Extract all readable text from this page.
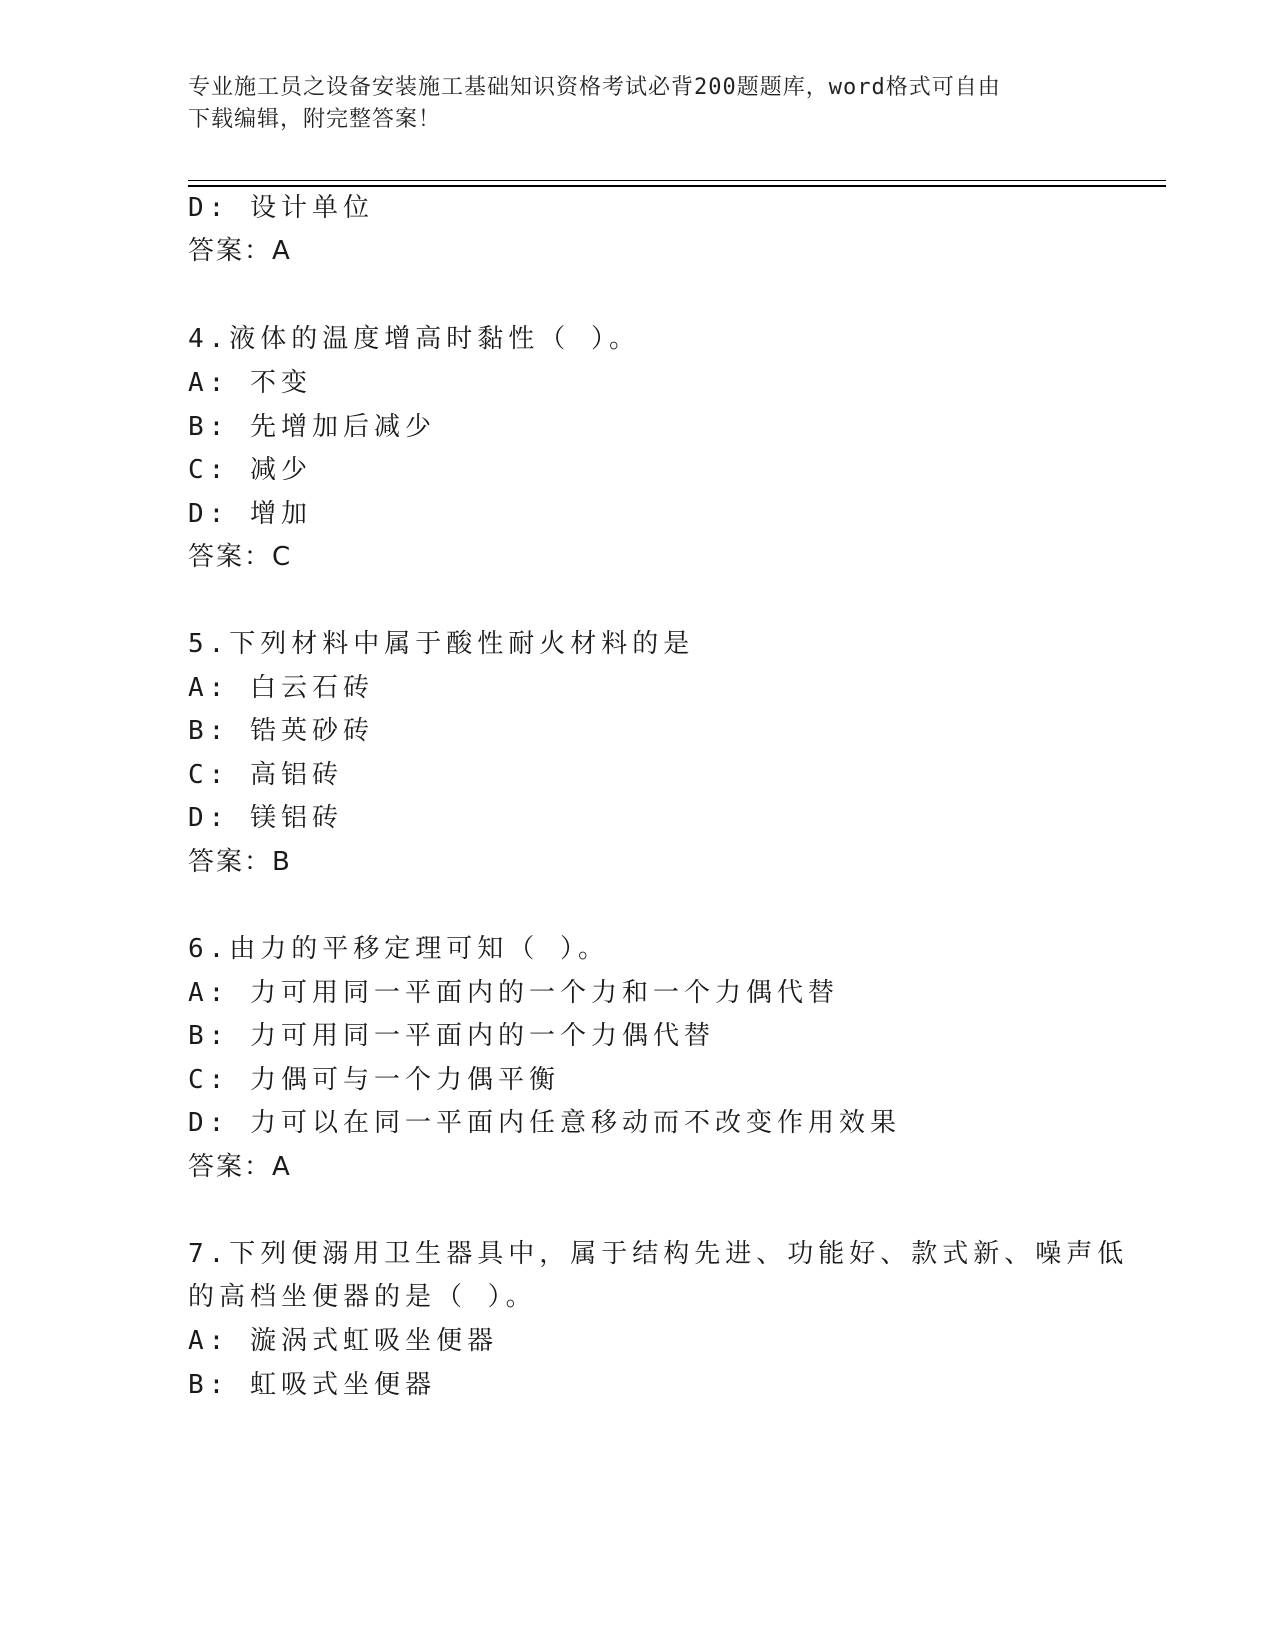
专业施工员之设备安装施工基础知识资格考试必背200题题库，word格式可自由
下载编辑，附完整答案！
D: 设计单位
答案：A
4.液体的温度增高时黏性（ ）。
A: 不变
B: 先增加后减少
C: 减少
D: 增加
答案：C
5.下列材料中属于酸性耐火材料的是
A: 白云石砖
B: 锆英砂砖
C: 高铝砖
D: 镁铝砖
答案：B
6.由力的平移定理可知（ ）。
A: 力可用同一平面内的一个力和一个力偶代替
B: 力可用同一平面内的一个力偶代替
C: 力偶可与一个力偶平衡
D: 力可以在同一平面内任意移动而不改变作用效果
答案：A
7.下列便溺用卫生器具中，属于结构先进、功能好、款式新、噪声低
的高档坐便器的是（ ）。
A: 漩涡式虹吸坐便器
B: 虹吸式坐便器
